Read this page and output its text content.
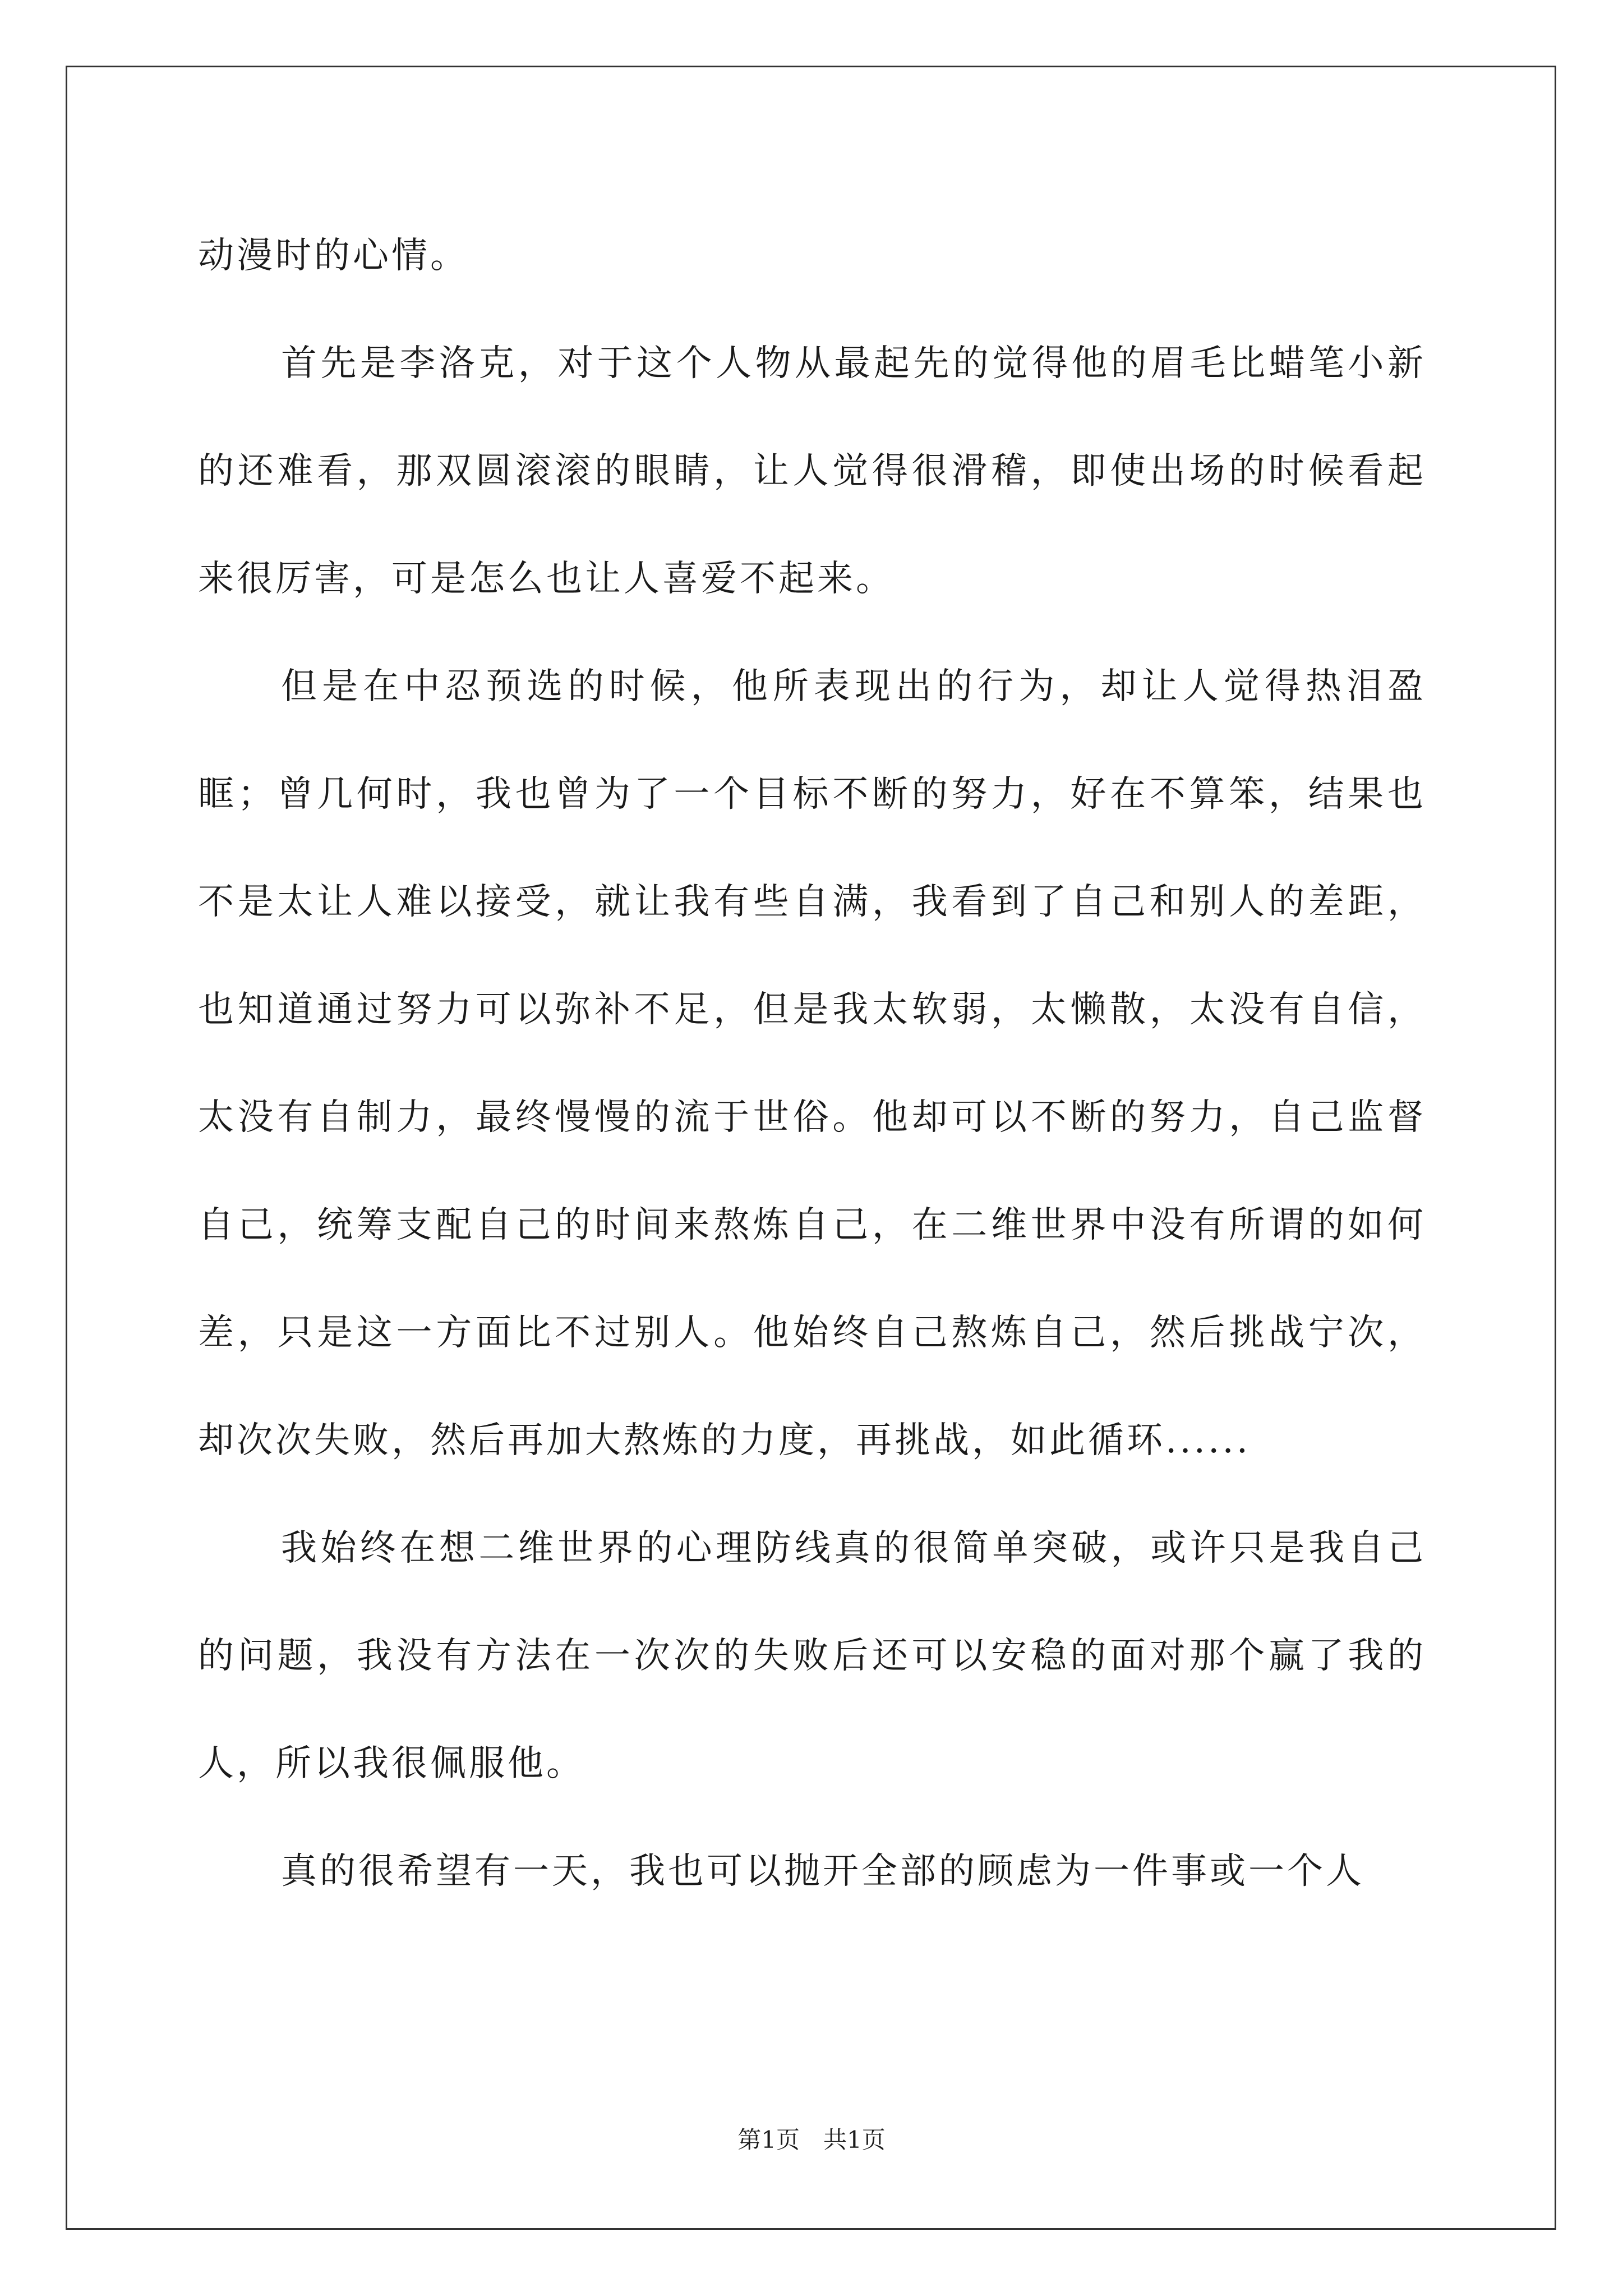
动漫时的心情。

首先是李洛克，对于这个人物从最起先的觉得他的眉毛比蜡笔小新的还难看，那双圆滚滚的眼睛，让人觉得很滑稽，即使出场的时候看起来很厉害，可是怎么也让人喜爱不起来。

但是在中忍预选的时候，他所表现出的行为，却让人觉得热泪盈眶；曾几何时，我也曾为了一个目标不断的努力，好在不算笨，结果也不是太让人难以接受，就让我有些自满，我看到了自己和别人的差距，也知道通过努力可以弥补不足，但是我太软弱，太懒散，太没有自信，太没有自制力，最终慢慢的流于世俗。他却可以不断的努力，自己监督自己，统筹支配自己的时间来熬炼自己，在二维世界中没有所谓的如何差，只是这一方面比不过别人。他始终自己熬炼自己，然后挑战宁次，却次次失败，然后再加大熬炼的力度，再挑战，如此循环......

我始终在想二维世界的心理防线真的很简单突破，或许只是我自己的问题，我没有方法在一次次的失败后还可以安稳的面对那个赢了我的人，所以我很佩服他。

真的很希望有一天，我也可以抛开全部的顾虑为一件事或一个人

第1页　共1页
